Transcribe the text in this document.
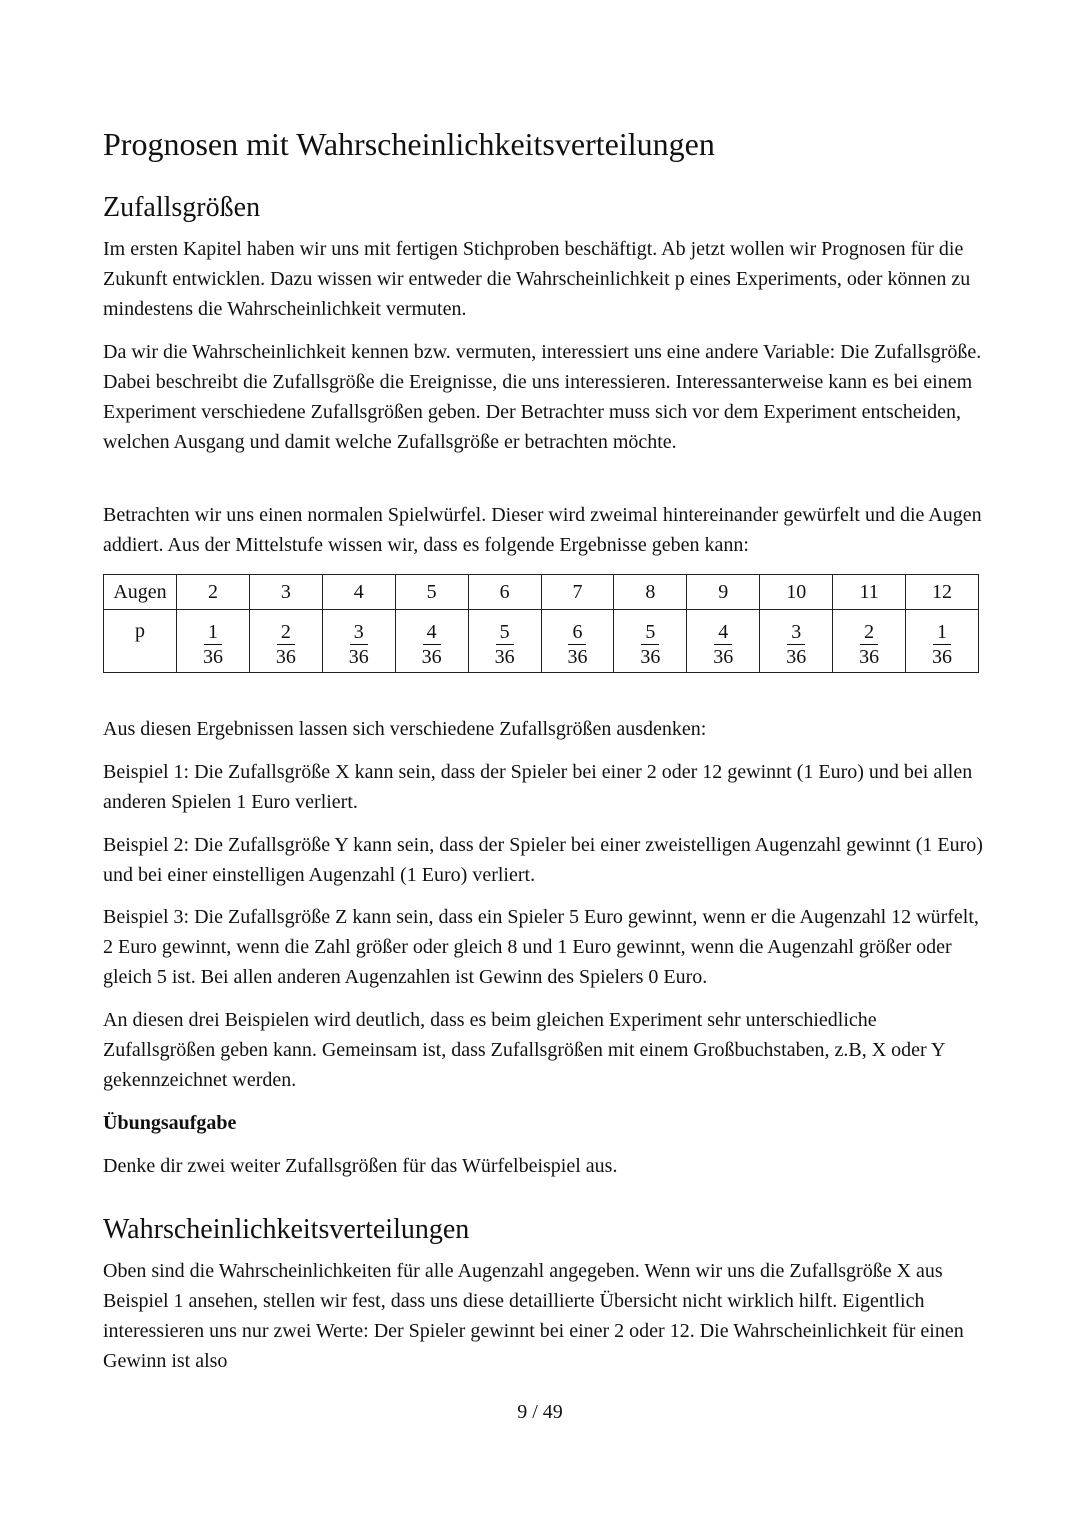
Prognosen mit Wahrscheinlichkeitsverteilungen
Zufallsgrößen

Im ersten Kapitel haben wir uns mit fertigen Stichproben beschäftigt. Ab jetzt wollen wir Prognosen für die Zukunft entwicklen. Dazu wissen wir entweder die Wahrscheinlichkeit p eines Experiments, oder können zu mindestens die Wahrscheinlichkeit vermuten.

Da wir die Wahrscheinlichkeit kennen bzw. vermuten, interessiert uns eine andere Variable: Die Zufallsgröße. Dabei beschreibt die Zufallsgröße die Ereignisse, die uns interessieren. Interessanterweise kann es bei einem Experiment verschiedene Zufallsgrößen geben. Der Betrachter muss sich vor dem Experiment entscheiden, welchen Ausgang und damit welche Zufallsgröße er betrachten möchte.

Betrachten wir uns einen normalen Spielwürfel. Dieser wird zweimal hintereinander gewürfelt und die Augen addiert. Aus der Mittelstufe wissen wir, dass es folgende Ergebnisse geben kann:

Augen	2	3	4	5	6	7	8	9	10	11	12
p	$\frac{1}{36}$	$\frac{2}{36}$	$\frac{3}{36}$	$\frac{4}{36}$	$\frac{5}{36}$	$\frac{6}{36}$	$\frac{5}{36}$	$\frac{4}{36}$	$\frac{3}{36}$	$\frac{2}{36}$	$\frac{1}{36}$

Aus diesen Ergebnissen lassen sich verschiedene Zufallsgrößen ausdenken:

Beispiel 1: Die Zufallsgröße X kann sein, dass der Spieler bei einer 2 oder 12 gewinnt (1 Euro) und bei allen anderen Spielen 1 Euro verliert.

Beispiel 2: Die Zufallsgröße Y kann sein, dass der Spieler bei einer zweistelligen Augenzahl gewinnt (1 Euro) und bei einer einstelligen Augenzahl (1 Euro) verliert.

Beispiel 3: Die Zufallsgröße Z kann sein, dass ein Spieler 5 Euro gewinnt, wenn er die Augenzahl 12 würfelt, 2 Euro gewinnt, wenn die Zahl größer oder gleich 8 und 1 Euro gewinnt, wenn die Augenzahl größer oder gleich 5 ist. Bei allen anderen Augenzahlen ist Gewinn des Spielers 0 Euro.

An diesen drei Beispielen wird deutlich, dass es beim gleichen Experiment sehr unterschiedliche Zufallsgrößen geben kann. Gemeinsam ist, dass Zufallsgrößen mit einem Großbuchstaben, z.B, X oder Y gekennzeichnet werden.

Übungsaufgabe

Denke dir zwei weiter Zufallsgrößen für das Würfelbeispiel aus.

Wahrscheinlichkeitsverteilungen

Oben sind die Wahrscheinlichkeiten für alle Augenzahl angegeben. Wenn wir uns die Zufallsgröße X aus Beispiel 1 ansehen, stellen wir fest, dass uns diese detaillierte Übersicht nicht wirklich hilft. Eigentlich interessieren uns nur zwei Werte: Der Spieler gewinnt bei einer 2 oder 12. Die Wahrscheinlichkeit für einen Gewinn ist also

9 / 49
